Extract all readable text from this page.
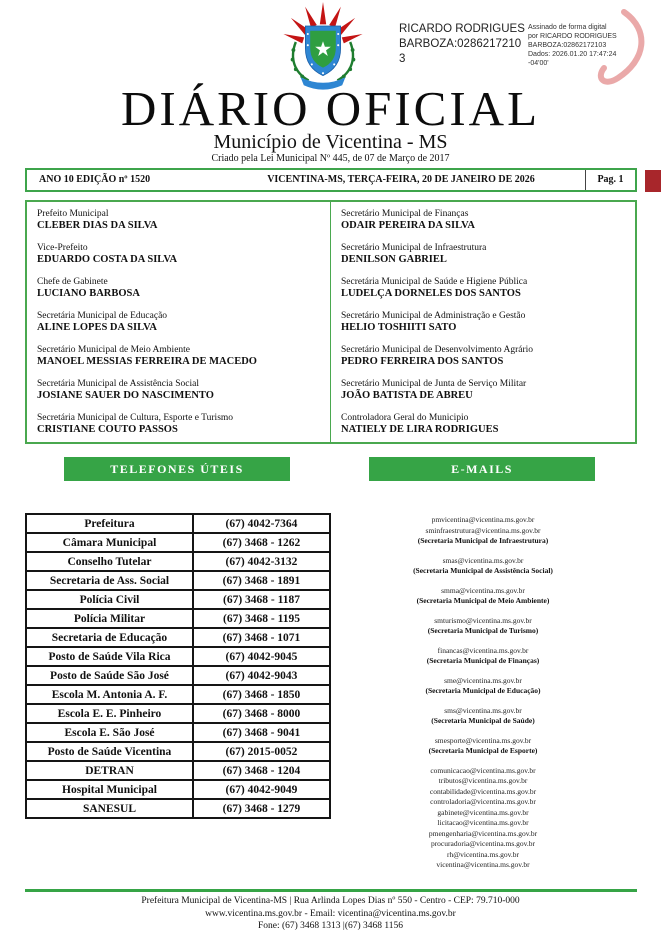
RICARDO RODRIGUES BARBOZA:02862172103
Assinado de forma digital
por RICARDO RODRIGUES
BARBOZA:02862172103
Dados: 2026.01.20 17:47:24
-04'00'
DIÁRIO OFICIAL
Município de Vicentina - MS
Criado pela Lei Municipal Nº 445, de 07 de Março de 2017
ANO 10 EDIÇÃO nº 1520	VICENTINA-MS, TERÇA-FEIRA, 20 DE JANEIRO DE 2026	Pag. 1
Prefeito Municipal
CLEBER DIAS DA SILVA
Vice-Prefeito
EDUARDO COSTA DA SILVA
Chefe de Gabinete
LUCIANO BARBOSA
Secretária Municipal de Educação
ALINE LOPES DA SILVA
Secretário Municipal de Meio Ambiente
MANOEL MESSIAS FERREIRA DE MACEDO
Secretária Municipal de Assistência Social
JOSIANE SAUER DO NASCIMENTO
Secretária Municipal de Cultura, Esporte e Turismo
CRISTIANE COUTO PASSOS
Secretário Municipal de Finanças
ODAIR PEREIRA DA SILVA
Secretário Municipal de Infraestrutura
DENILSON GABRIEL
Secretária Municipal de Saúde e Higiene Pública
LUDELÇA DORNELES DOS SANTOS
Secretário Municipal de Administração e Gestão
HELIO TOSHIITI SATO
Secretário Municipal de Desenvolvimento Agrário
PEDRO FERREIRA DOS SANTOS
Secretário Municipal de Junta de Serviço Militar
JOÃO BATISTA DE ABREU
Controladora Geral do Municipio
NATIELY DE LIRA RODRIGUES
TELEFONES ÚTEIS	E-MAILS
Prefeitura	(67) 4042-7364
Câmara Municipal	(67) 3468 - 1262
Conselho Tutelar	(67) 4042-3132
Secretaria de Ass. Social	(67) 3468 - 1891
Polícia Civil	(67) 3468 - 1187
Polícia Militar	(67) 3468 - 1195
Secretaria de Educação	(67) 3468 - 1071
Posto de Saúde Vila Rica	(67) 4042-9045
Posto de Saúde São José	(67) 4042-9043
Escola M. Antonia A. F.	(67) 3468 - 1850
Escola E. E. Pinheiro	(67) 3468 - 8000
Escola E. São José	(67) 3468 - 9041
Posto de Saúde Vicentina	(67) 2015-0052
DETRAN	(67) 3468 - 1204
Hospital Municipal	(67) 4042-9049
SANESUL	(67) 3468 - 1279
pmvicentina@vicentina.ms.gov.br
sminfraestrutura@vicentina.ms.gov.br
(Secretaria Municipal de Infraestrutura)
smas@vicentina.ms.gov.br
(Secretaria Municipal de Assistência Social)
smma@vicentina.ms.gov.br
(Secretaria Municipal de Meio Ambiente)
smturismo@vicentina.ms.gov.br
(Secretaria Municipal de Turismo)
financas@vicentina.ms.gov.br
(Secretaria Municipal de Finanças)
sme@vicentina.ms.gov.br
(Secretaria Municipal de Educação)
sms@vicentina.ms.gov.br
(Secretaria Municipal de Saúde)
smesporte@vicentina.ms.gov.br
(Secretaria Municipal de Esporte)
comunicacao@vicentina.ms.gov.br
tributos@vicentina.ms.gov.br
contabilidade@vicentina.ms.gov.br
controladoria@vicentina.ms.gov.br
gabinete@vicentina.ms.gov.br
licitacao@vicentina.ms.gov.br
pmengenharia@vicentina.ms.gov.br
procuradoria@vicentina.ms.gov.br
rh@vicentina.ms.gov.br
vicentina@vicentina.ms.gov.br
Prefeitura Municipal de Vicentina-MS | Rua Arlinda Lopes Dias nº 550 - Centro - CEP: 79.710-000
www.vicentina.ms.gov.br - Email: vicentina@vicentina.ms.gov.br
Fone: (67) 3468 1313 |(67) 3468 1156
